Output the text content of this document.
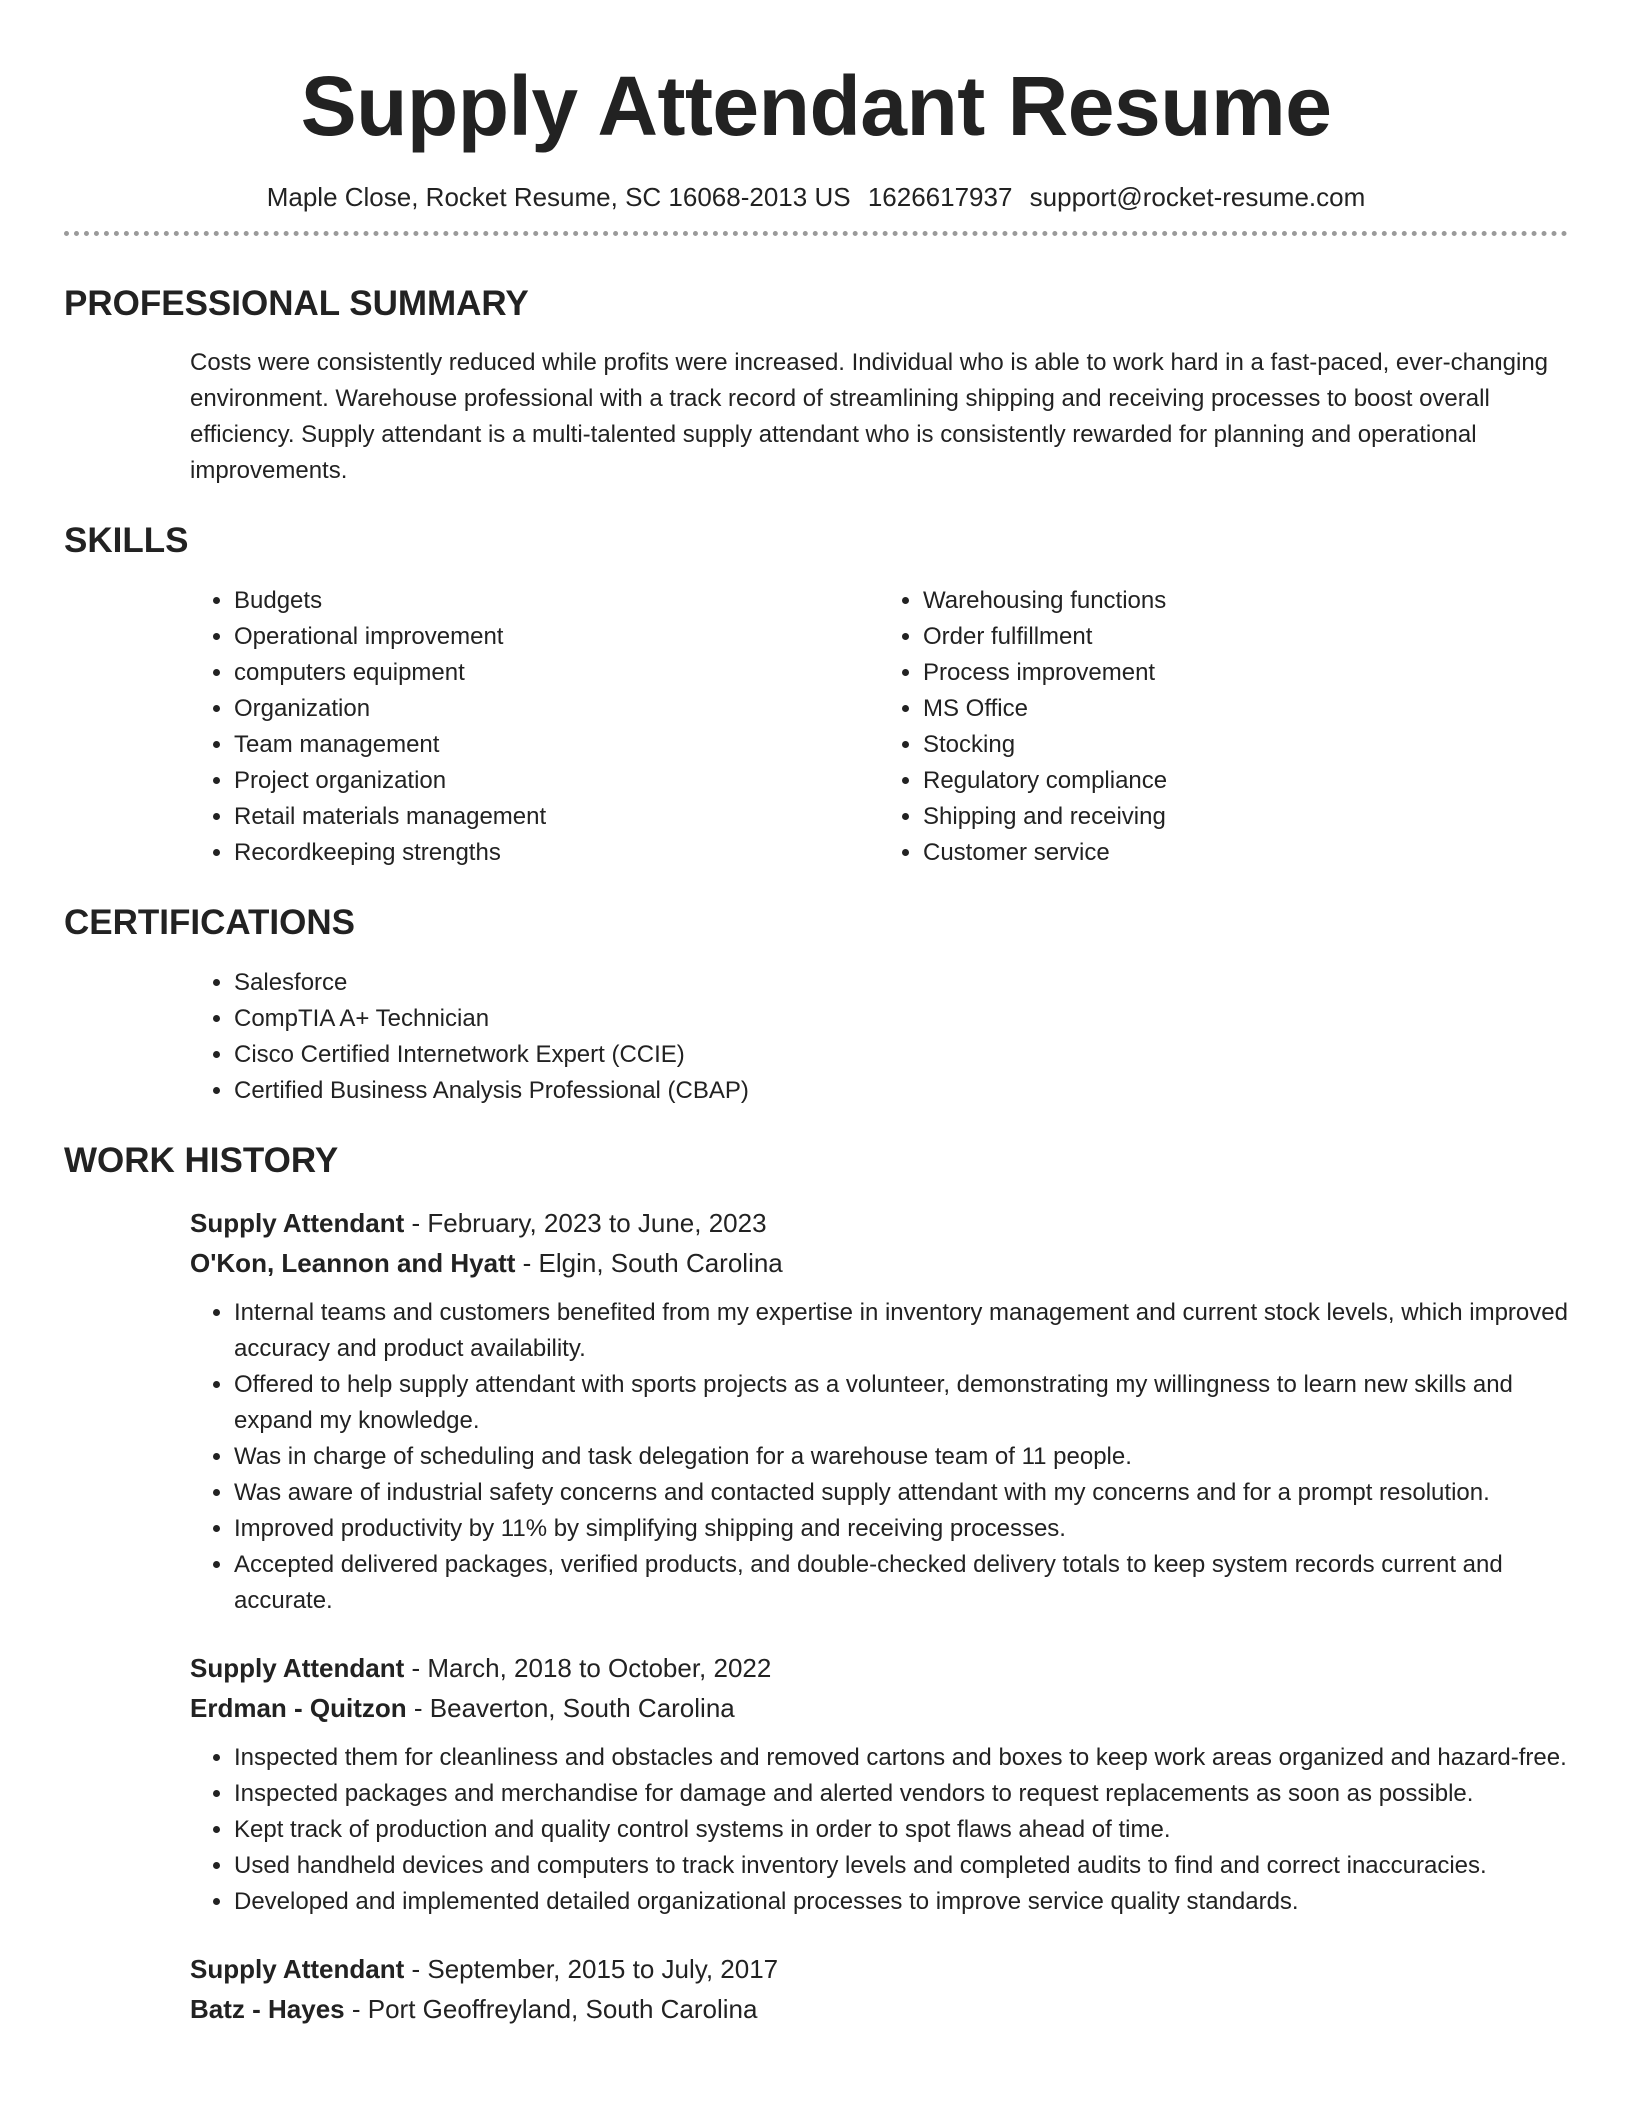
Supply Attendant Resume
Maple Close, Rocket Resume, SC 16068-2013 US 1626617937 support@rocket-resume.com
PROFESSIONAL SUMMARY
Costs were consistently reduced while profits were increased. Individual who is able to work hard in a fast-paced, ever-changing environment. Warehouse professional with a track record of streamlining shipping and receiving processes to boost overall efficiency. Supply attendant is a multi-talented supply attendant who is consistently rewarded for planning and operational improvements.
SKILLS
• Budgets
• Operational improvement
• computers equipment
• Organization
• Team management
• Project organization
• Retail materials management
• Recordkeeping strengths
• Warehousing functions
• Order fulfillment
• Process improvement
• MS Office
• Stocking
• Regulatory compliance
• Shipping and receiving
• Customer service
CERTIFICATIONS
• Salesforce
• CompTIA A+ Technician
• Cisco Certified Internetwork Expert (CCIE)
• Certified Business Analysis Professional (CBAP)
WORK HISTORY
Supply Attendant - February, 2023 to June, 2023
O'Kon, Leannon and Hyatt - Elgin, South Carolina
• Internal teams and customers benefited from my expertise in inventory management and current stock levels, which improved accuracy and product availability.
• Offered to help supply attendant with sports projects as a volunteer, demonstrating my willingness to learn new skills and expand my knowledge.
• Was in charge of scheduling and task delegation for a warehouse team of 11 people.
• Was aware of industrial safety concerns and contacted supply attendant with my concerns and for a prompt resolution.
• Improved productivity by 11% by simplifying shipping and receiving processes.
• Accepted delivered packages, verified products, and double-checked delivery totals to keep system records current and accurate.
Supply Attendant - March, 2018 to October, 2022
Erdman - Quitzon - Beaverton, South Carolina
• Inspected them for cleanliness and obstacles and removed cartons and boxes to keep work areas organized and hazard-free.
• Inspected packages and merchandise for damage and alerted vendors to request replacements as soon as possible.
• Kept track of production and quality control systems in order to spot flaws ahead of time.
• Used handheld devices and computers to track inventory levels and completed audits to find and correct inaccuracies.
• Developed and implemented detailed organizational processes to improve service quality standards.
Supply Attendant - September, 2015 to July, 2017
Batz - Hayes - Port Geoffreyland, South Carolina
